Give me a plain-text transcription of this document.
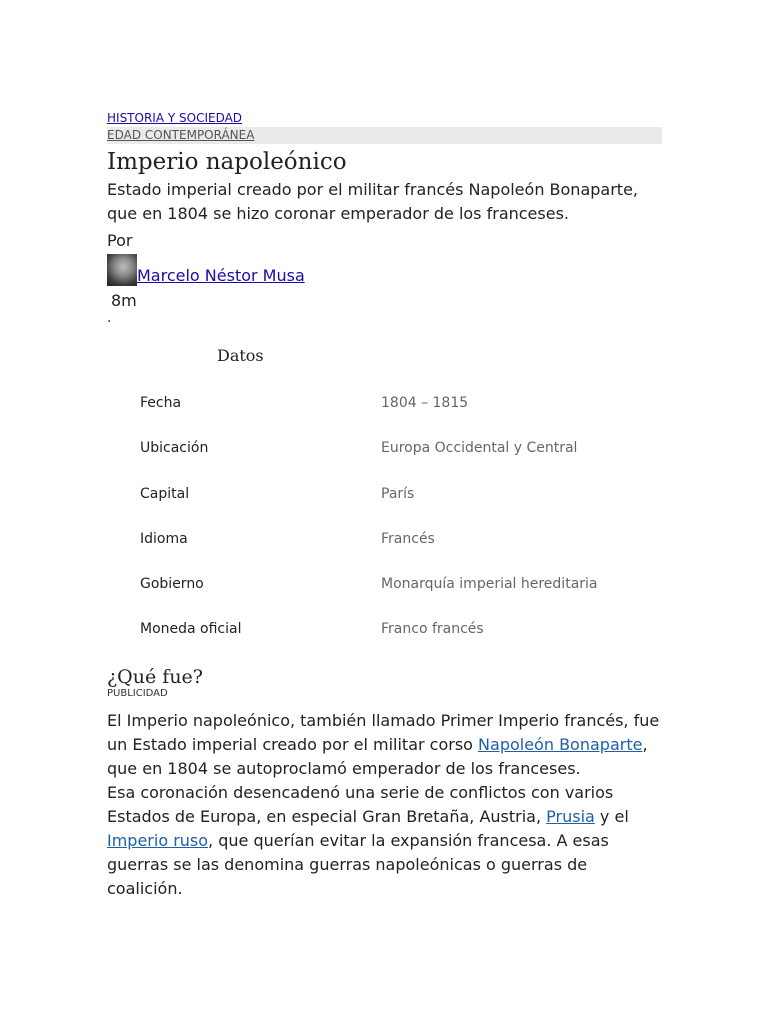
HISTORIA Y SOCIEDAD
EDAD CONTEMPORÁNEA
Imperio napoleónico

Estado imperial creado por el militar francés Napoleón Bonaparte, que en 1804 se hizo coronar emperador de los franceses.

Por
Marcelo Néstor Musa
8m
.
Datos
Fecha	1804 – 1815
Ubicación	Europa Occidental y Central
Capital	París
Idioma	Francés
Gobierno	Monarquía imperial hereditaria
Moneda oficial	Franco francés
¿Qué fue?
PUBLICIDAD

El Imperio napoleónico, también llamado Primer Imperio francés, fue un Estado imperial creado por el militar corso Napoleón Bonaparte, que en 1804 se autoproclamó emperador de los franceses.

Esa coronación desencadenó una serie de conflictos con varios Estados de Europa, en especial Gran Bretaña, Austria, Prusia y el Imperio ruso, que querían evitar la expansión francesa. A esas guerras se las denomina guerras napoleónicas o guerras de coalición.
